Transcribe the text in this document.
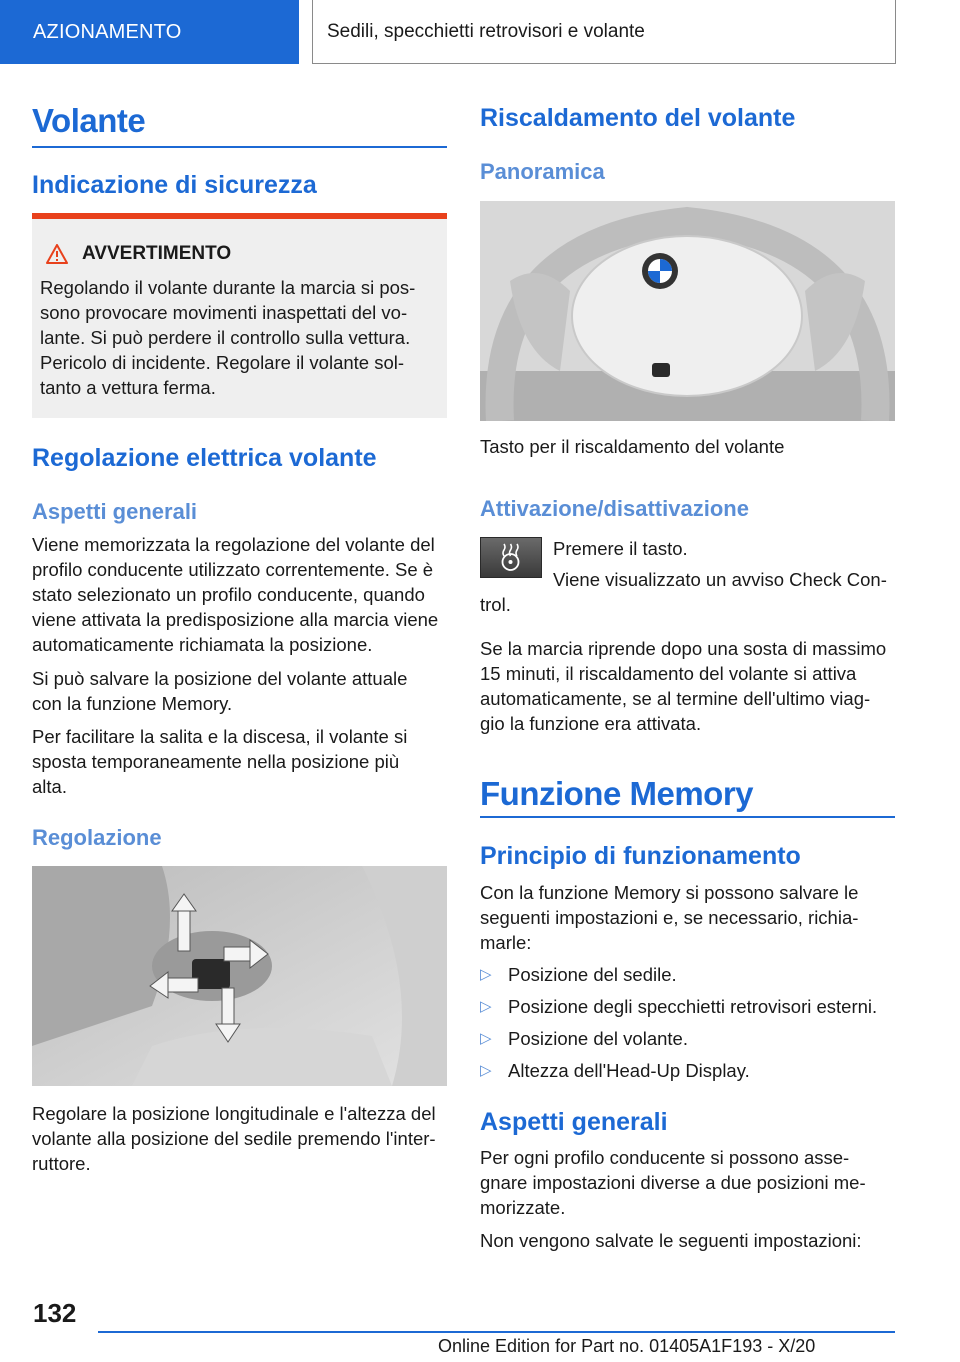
AZIONAMENTO	Sedili, specchietti retrovisori e volante
Volante
Indicazione di sicurezza
AVVERTIMENTO
Regolando il volante durante la marcia si pos-
sono provocare movimenti inaspettati del vo-
lante. Si può perdere il controllo sulla vettura.
Pericolo di incidente. Regolare il volante sol-
tanto a vettura ferma.
Regolazione elettrica volante
Aspetti generali
Viene memorizzata la regolazione del volante del
profilo conducente utilizzato correntemente. Se è
stato selezionato un profilo conducente, quando
viene attivata la predisposizione alla marcia viene
automaticamente richiamata la posizione.
Si può salvare la posizione del volante attuale
con la funzione Memory.
Per facilitare la salita e la discesa, il volante si
sposta temporaneamente nella posizione più
alta.
Regolazione
Regolare la posizione longitudinale e l'altezza del
volante alla posizione del sedile premendo l'inter-
ruttore.
Riscaldamento del volante
Panoramica
Tasto per il riscaldamento del volante
Attivazione/disattivazione
Premere il tasto.
Viene visualizzato un avviso Check Con-
trol.
Se la marcia riprende dopo una sosta di massimo
15 minuti, il riscaldamento del volante si attiva
automaticamente, se al termine dell'ultimo viag-
gio la funzione era attivata.
Funzione Memory
Principio di funzionamento
Con la funzione Memory si possono salvare le
seguenti impostazioni e, se necessario, richia-
marle:
▷ Posizione del sedile.
▷ Posizione degli specchietti retrovisori esterni.
▷ Posizione del volante.
▷ Altezza dell'Head-Up Display.
Aspetti generali
Per ogni profilo conducente si possono asse-
gnare impostazioni diverse a due posizioni me-
morizzate.
Non vengono salvate le seguenti impostazioni:
132
Online Edition for Part no. 01405A1F193 - X/20
